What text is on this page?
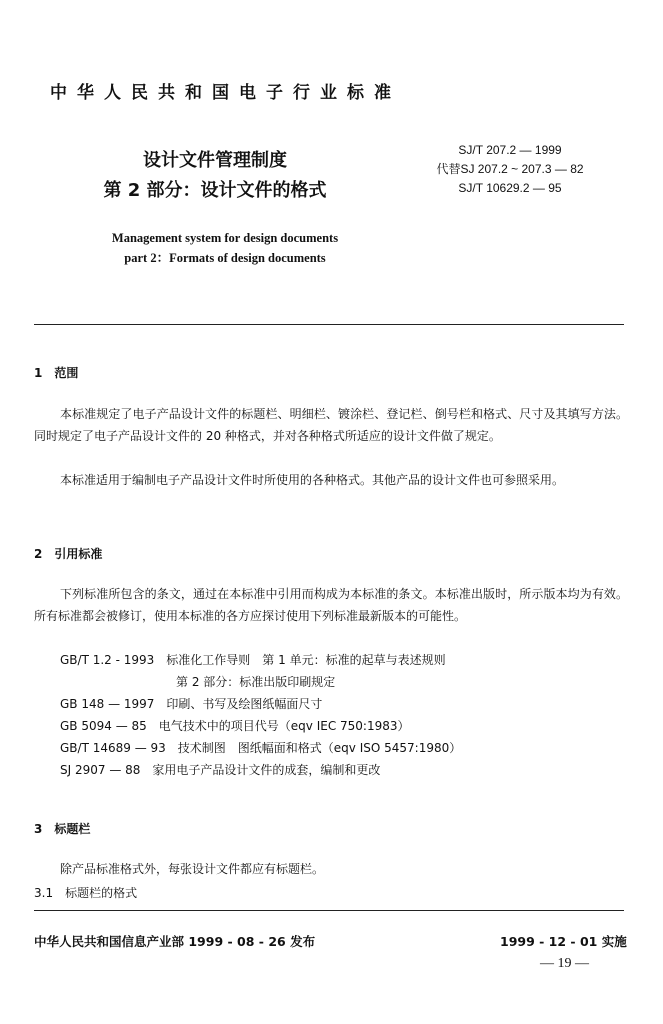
中华人民共和国电子行业标准
设计文件管理制度
第 2 部分：设计文件的格式
SJ/T 207.2 — 1999
代替SJ 207.2 ~ 207.3 — 82
SJ/T 10629.2 — 95
Management system for design documents
part 2：Formats of design documents
1　范围
本标准规定了电子产品设计文件的标题栏、明细栏、镀涂栏、登记栏、倒号栏和格式、尺寸及其填写方法。同时规定了电子产品设计文件的 20 种格式，并对各种格式所适应的设计文件做了规定。
本标准适用于编制电子产品设计文件时所使用的各种格式。其他产品的设计文件也可参照采用。
2　引用标准
下列标准所包含的条文，通过在本标准中引用而构成为本标准的条文。本标准出版时，所示版本均为有效。所有标准都会被修订，使用本标准的各方应探讨使用下列标准最新版本的可能性。
GB/T 1.2 - 1993　标准化工作导则　第 1 单元：标准的起草与表述规则
第 2 部分：标准出版印刷规定
GB 148 — 1997　印刷、书写及绘图纸幅面尺寸
GB 5094 — 85　电气技术中的项目代号（eqv IEC 750:1983）
GB/T 14689 — 93　技术制图　图纸幅面和格式（eqv ISO 5457:1980）
SJ 2907 — 88　家用电子产品设计文件的成套，编制和更改
3　标题栏
除产品标准格式外，每张设计文件都应有标题栏。
3.1　标题栏的格式
中华人民共和国信息产业部 1999 - 08 - 26 发布	1999 - 12 - 01 实施
— 19 —
